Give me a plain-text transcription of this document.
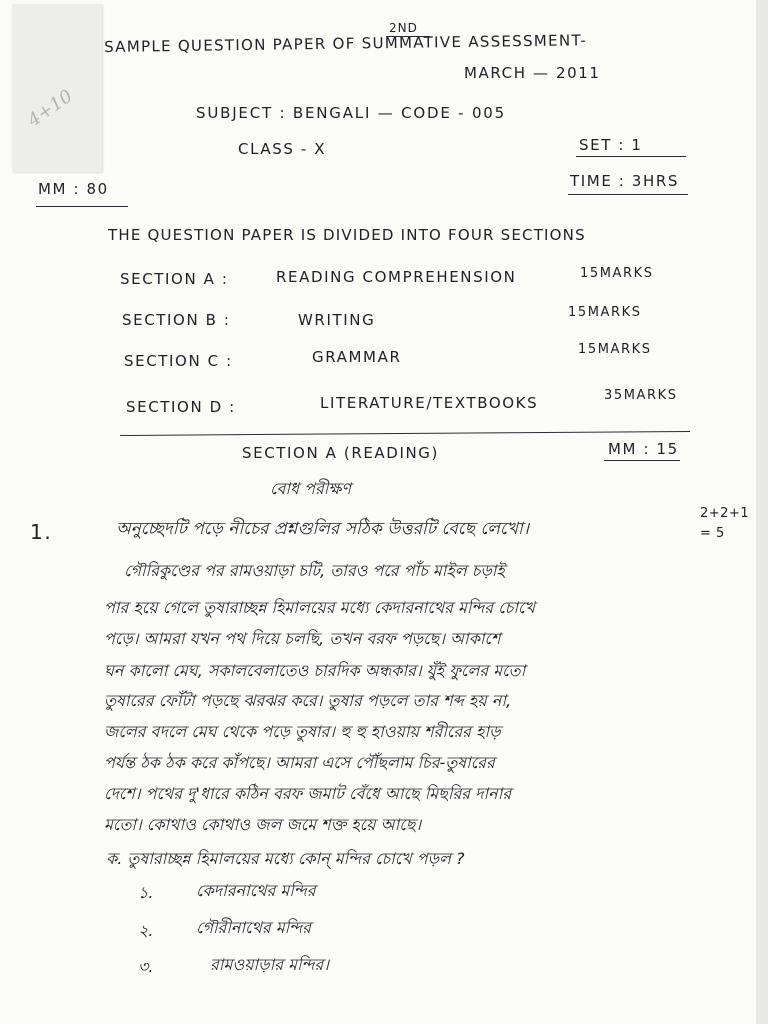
4+10
2ND
SAMPLE QUESTION PAPER OF SUMMATIVE ASSESSMENT-
MARCH — 2011
SUBJECT : BENGALI — CODE - 005
CLASS - X	SET : 1
MM : 80	TIME : 3HRS
THE QUESTION PAPER IS DIVIDED INTO FOUR SECTIONS
SECTION A :	READING COMPREHENSION	15MARKS
SECTION B :	WRITING	15MARKS
SECTION C :	GRAMMAR	15MARKS
SECTION D :	LITERATURE/TEXTBOOKS	35MARKS
SECTION A (READING)	MM : 15
বোধ পরীক্ষণ
1.
2+2+1
= 5
অনুচ্ছেদটি পড়ে নীচের প্রশ্নগুলির সঠিক উত্তরটি বেছে লেখো।
গৌরিকুণ্ডের পর রামওয়াড়া চটি, তারও পরে পাঁচ মাইল চড়াই
পার হয়ে গেলে তুষারাচ্ছন্ন হিমালয়ের মধ্যে কেদারনাথের মন্দির চোখে
পড়ে। আমরা যখন পথ দিয়ে চলছি, তখন বরফ পড়ছে। আকাশে
ঘন কালো মেঘ, সকালবেলাতেও চারদিক অন্ধকার। যুঁই ফুলের মতো
তুষারের ফোঁটা পড়ছে ঝরঝর করে। তুষার পড়লে তার শব্দ হয় না,
জলের বদলে মেঘ থেকে পড়ে তুষার। হু হু হাওয়ায় শরীরের হাড়
পর্যন্ত ঠক ঠক করে কাঁপছে। আমরা এসে পৌঁছলাম চির-তুষারের
দেশে। পথের দু'ধারে কঠিন বরফ জমাট বেঁধে আছে মিছরির দানার
মতো। কোথাও কোথাও জল জমে শক্ত হয়ে আছে।
ক. তুষারাচ্ছন্ন হিমালয়ের মধ্যে কোন্ মন্দির চোখে পড়ল ?
১.	কেদারনাথের মন্দির
২.	গৌরীনাথের মন্দির
৩.	রামওয়াড়ার মন্দির।
